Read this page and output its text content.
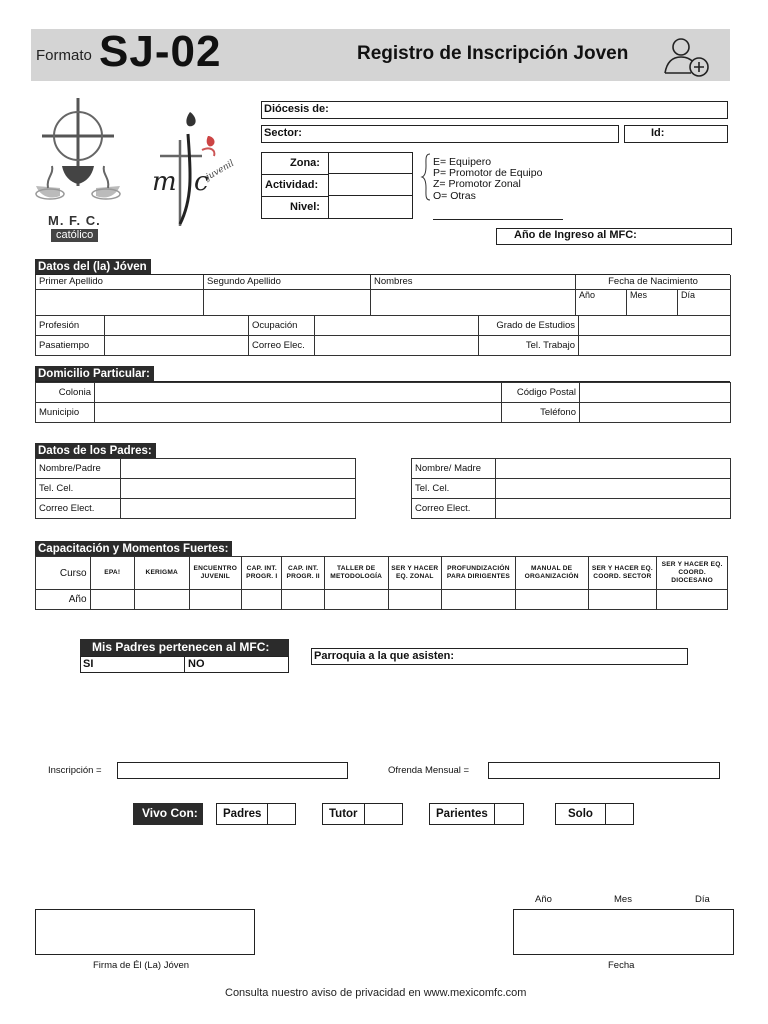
Formato SJ-02	Registro de Inscripción Joven
M. F. C.
católico
m c
juvenil
Diócesis de:
Sector:	Id:
Zona:
Actividad:
Nivel:
E= Equipero
P= Promotor de Equipo
Z= Promotor Zonal
O= Otras
Año de Ingreso al MFC:
Datos del (la) Jóven
Primer Apellido	Segundo Apellido	Nombres	Fecha de Nacimiento		
			Año	Mes	Día
Profesión		Ocupación		Grado de Estudios	
Pasatiempo		Correo Elec.		Tel. Trabajo	
Domicilio Particular:
Colonia		Código Postal	
Municipio		Teléfono	
Datos de los Padres:
Nombre/Padre	
Tel. Cel.	
Correo Elect.	
Nombre/ Madre	
Tel. Cel.	
Correo Elect.	
Capacitación y Momentos Fuertes:
Curso	EPA!	KERIGMA	ENCUENTRO JUVENIL	CAP. INT. PROGR. I	CAP. INT. PROGR. II	TALLER DE METODOLOGÍA	SER Y HACER EQ. ZONAL	PROFUNDIZACIÓN PARA DIRIGENTES	MANUAL DE ORGANIZACIÓN	SER Y HACER EQ. COORD. SECTOR	SER Y HACER EQ. COORD. DIOCESANO
Año											
Mis Padres pertenecen al MFC:
SI	NO
Parroquia a la que asisten:
Inscripción =	Ofrenda Mensual =
Vivo Con:	Padres	Tutor	Parientes	Solo
Firma de Él (La) Jóven
Año	Mes	Día
Fecha
Consulta nuestro aviso de privacidad en www.mexicomfc.com
